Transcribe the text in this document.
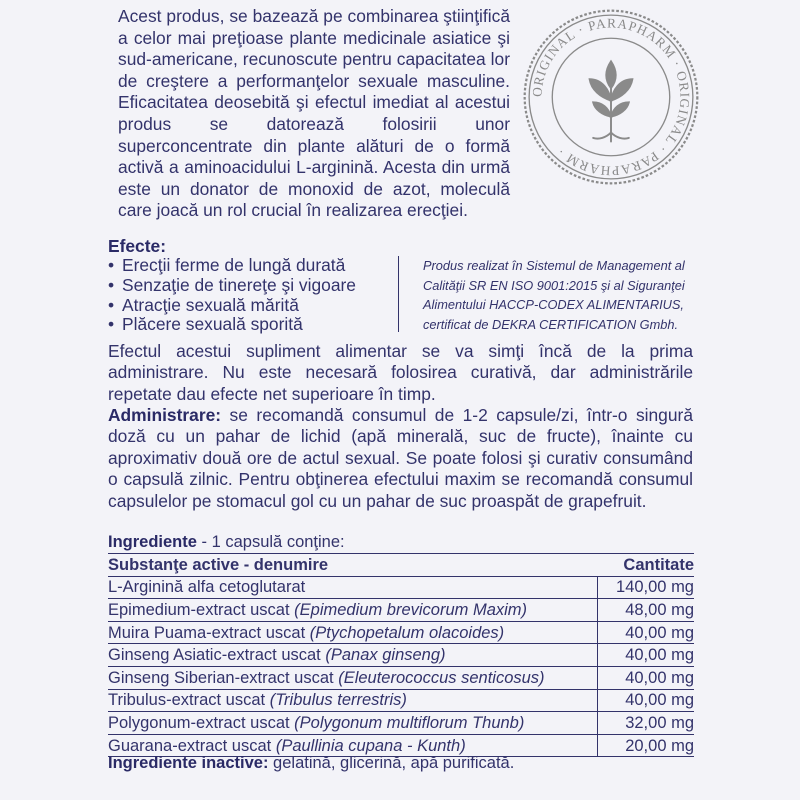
Acest produs, se bazează pe combinarea ştiinţifică a celor mai preţioase plante medicinale asiatice şi sud-americane, recunoscute pentru capacitatea lor de creştere a performanţelor sexuale masculine. Eficacitatea deosebită şi efectul imediat al acestui produs se datorează folosirii unor superconcentrate din plante alături de o formă activă a aminoacidului L-arginină. Acesta din urmă este un donator de monoxid de azot, moleculă care joacă un rol crucial în realizarea erecţiei.

ORIGINAL · PARAPHARM · ORIGINAL · PARAPHARM ·
Efecte:
• Erecţii ferme de lungă durată
• Senzaţie de tinereţe şi vigoare
• Atracţie sexuală mărită
• Plăcere sexuală sporită
Produs realizat în Sistemul de Management al Calităţii SR EN ISO 9001:2015 şi al Siguranţei Alimentului HACCP-CODEX ALIMENTARIUS, certificat de DEKRA CERTIFICATION Gmbh.

Efectul acestui supliment alimentar se va simţi încă de la prima administrare. Nu este necesară folosirea curativă, dar administrările repetate dau efecte net superioare în timp.

Administrare: se recomandă consumul de 1-2 capsule/zi, într-o singură doză cu un pahar de lichid (apă minerală, suc de fructe), înainte cu aproximativ două ore de actul sexual. Se poate folosi şi curativ consumând o capsulă zilnic. Pentru obţinerea efectului maxim se recomandă consumul capsulelor pe stomacul gol cu un pahar de suc proaspăt de grapefruit.

Ingrediente - 1 capsulă conţine:
Substanţe active - denumire	Cantitate
L-Arginină alfa cetoglutarat	140,00 mg
Epimedium-extract uscat (Epimedium brevicorum Maxim)	48,00 mg
Muira Puama-extract uscat (Ptychopetalum olacoides)	40,00 mg
Ginseng Asiatic-extract uscat (Panax ginseng)	40,00 mg
Ginseng Siberian-extract uscat (Eleuterococcus senticosus)	40,00 mg
Tribulus-extract uscat (Tribulus terrestris)	40,00 mg
Polygonum-extract uscat (Polygonum multiflorum Thunb)	32,00 mg
Guarana-extract uscat (Paullinia cupana - Kunth)	20,00 mg
Ingrediente inactive: gelatină, glicerină, apă purificată.
